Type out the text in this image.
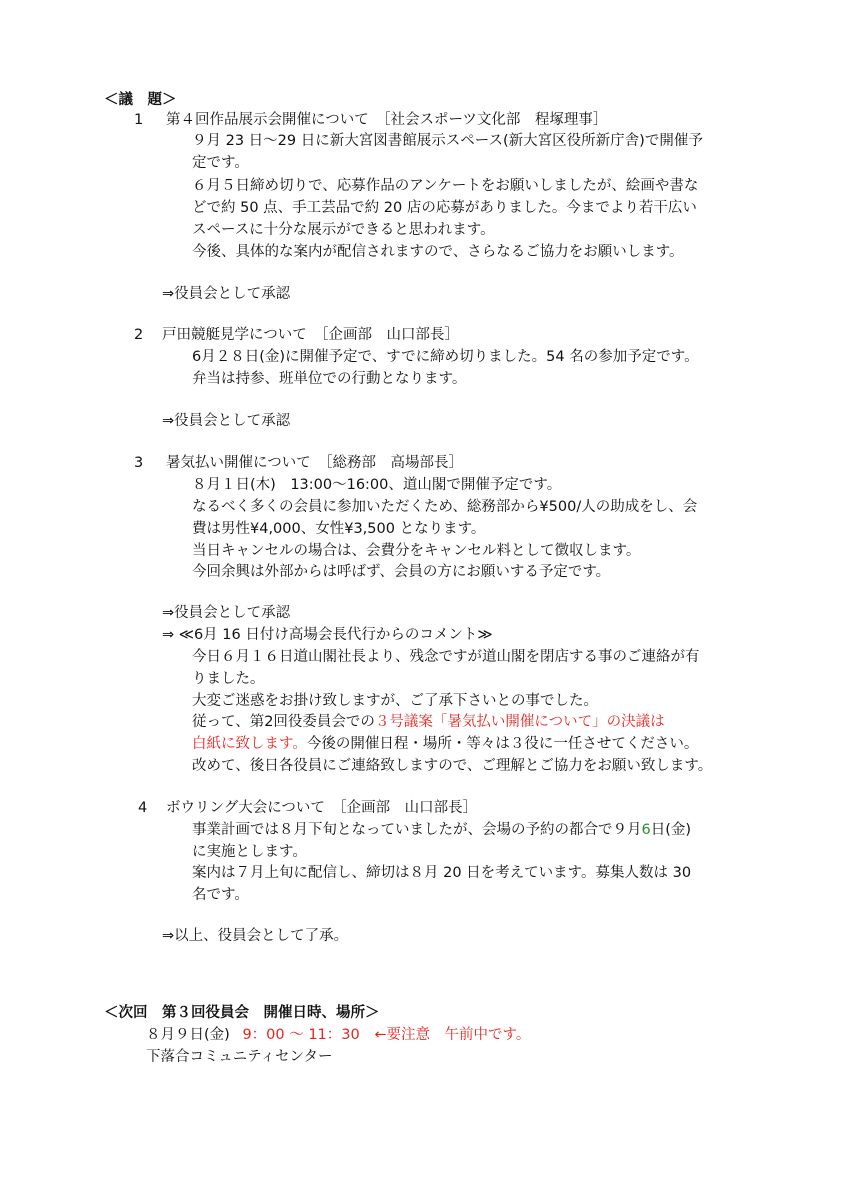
＜議　題＞
1 第４回作品展示会開催について　［社会スポーツ文化部　程塚理事］
９月 23 日～29 日に新大宮図書館展示スペース(新大宮区役所新庁舎)で開催予
定です。
６月５日締め切りで、応募作品のアンケートをお願いしましたが、絵画や書な
どで約 50 点、手工芸品で約 20 店の応募がありました。今までより若干広い
スペースに十分な展示ができると思われます。
今後、具体的な案内が配信されますので、さらなるご協力をお願いします。
⇒役員会として承認
2 戸田競艇見学について　［企画部　山口部長］
6月２８日(金)に開催予定で、すでに締め切りました。54 名の参加予定です。
弁当は持参、班単位での行動となります。
⇒役員会として承認
3 暑気払い開催について　［総務部　高場部長］
８月１日(木)　13:00～16:00、道山閣で開催予定です。
なるべく多くの会員に参加いただくため、総務部から¥500/人の助成をし、会
費は男性¥4,000、女性¥3,500 となります。
当日キャンセルの場合は、会費分をキャンセル料として徴収します。
今回余興は外部からは呼ばず、会員の方にお願いする予定です。
⇒役員会として承認
⇒ ≪6月 16 日付け高場会長代行からのコメント≫
今日６月１６日道山閣社長より、残念ですが道山閣を閉店する事のご連絡が有
りました。
大変ご迷惑をお掛け致しますが、ご了承下さいとの事でした。
従って、第2回役委員会での３号議案「暑気払い開催について」の決議は
白紙に致します。今後の開催日程・場所・等々は３役に一任させてください。
改めて、後日各役員にご連絡致しますので、ご理解とご協力をお願い致します。
4 ボウリング大会について　［企画部　山口部長］
事業計画では８月下旬となっていましたが、会場の予約の都合で９月6日(金)
に実施とします。
案内は７月上旬に配信し、締切は８月 20 日を考えています。募集人数は 30
名です。
⇒以上、役員会として了承。
＜次回　第３回役員会　開催日時、場所＞
８月９日(金) 9：00 ～ 11：30 ←要注意　午前中です。
下落合コミュニティセンター
